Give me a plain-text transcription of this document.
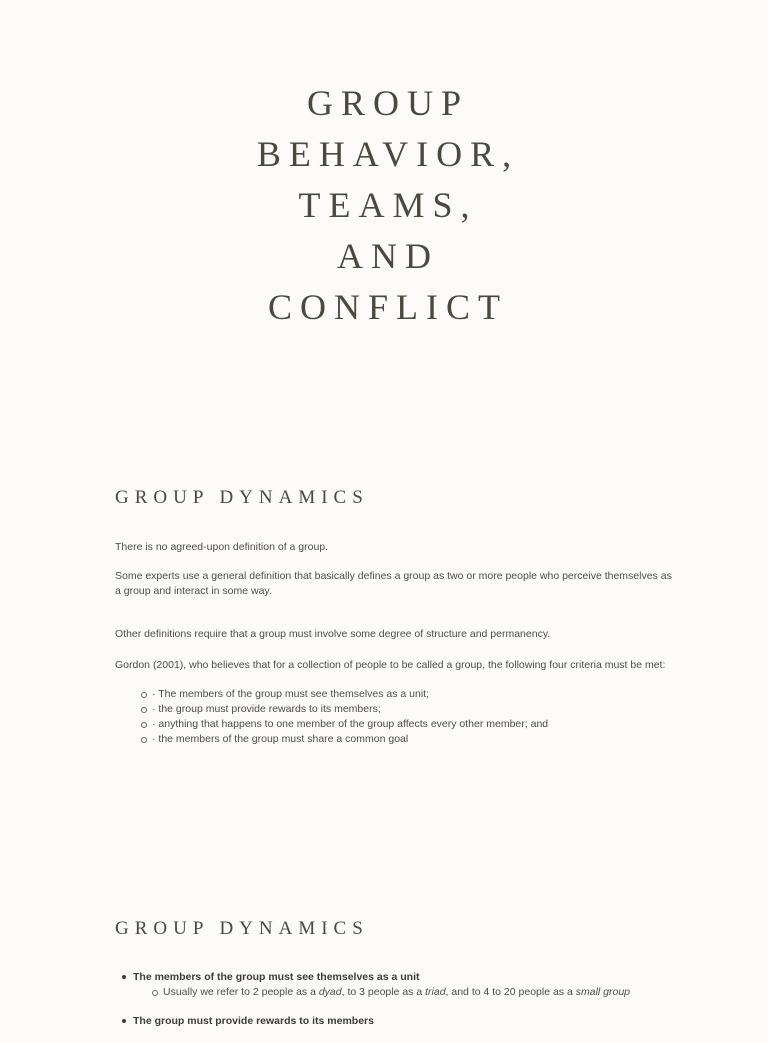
GROUP
BEHAVIOR,
TEAMS,
AND
CONFLICT
GROUP DYNAMICS

There is no agreed-upon definition of a group.

Some experts use a general definition that basically defines a group as two or more people who perceive themselves as a group and interact in some way.

Other definitions require that a group must involve some degree of structure and permanency.

Gordon (2001), who believes that for a collection of people to be called a group, the following four criteria must be met:

· The members of the group must see themselves as a unit;
· the group must provide rewards to its members;
· anything that happens to one member of the group affects every other member; and
· the members of the group must share a common goal
GROUP DYNAMICS
The members of the group must see themselves as a unit
Usually we refer to 2 people as a dyad, to 3 people as a triad, and to 4 to 20 people as a small group
The group must provide rewards to its members
